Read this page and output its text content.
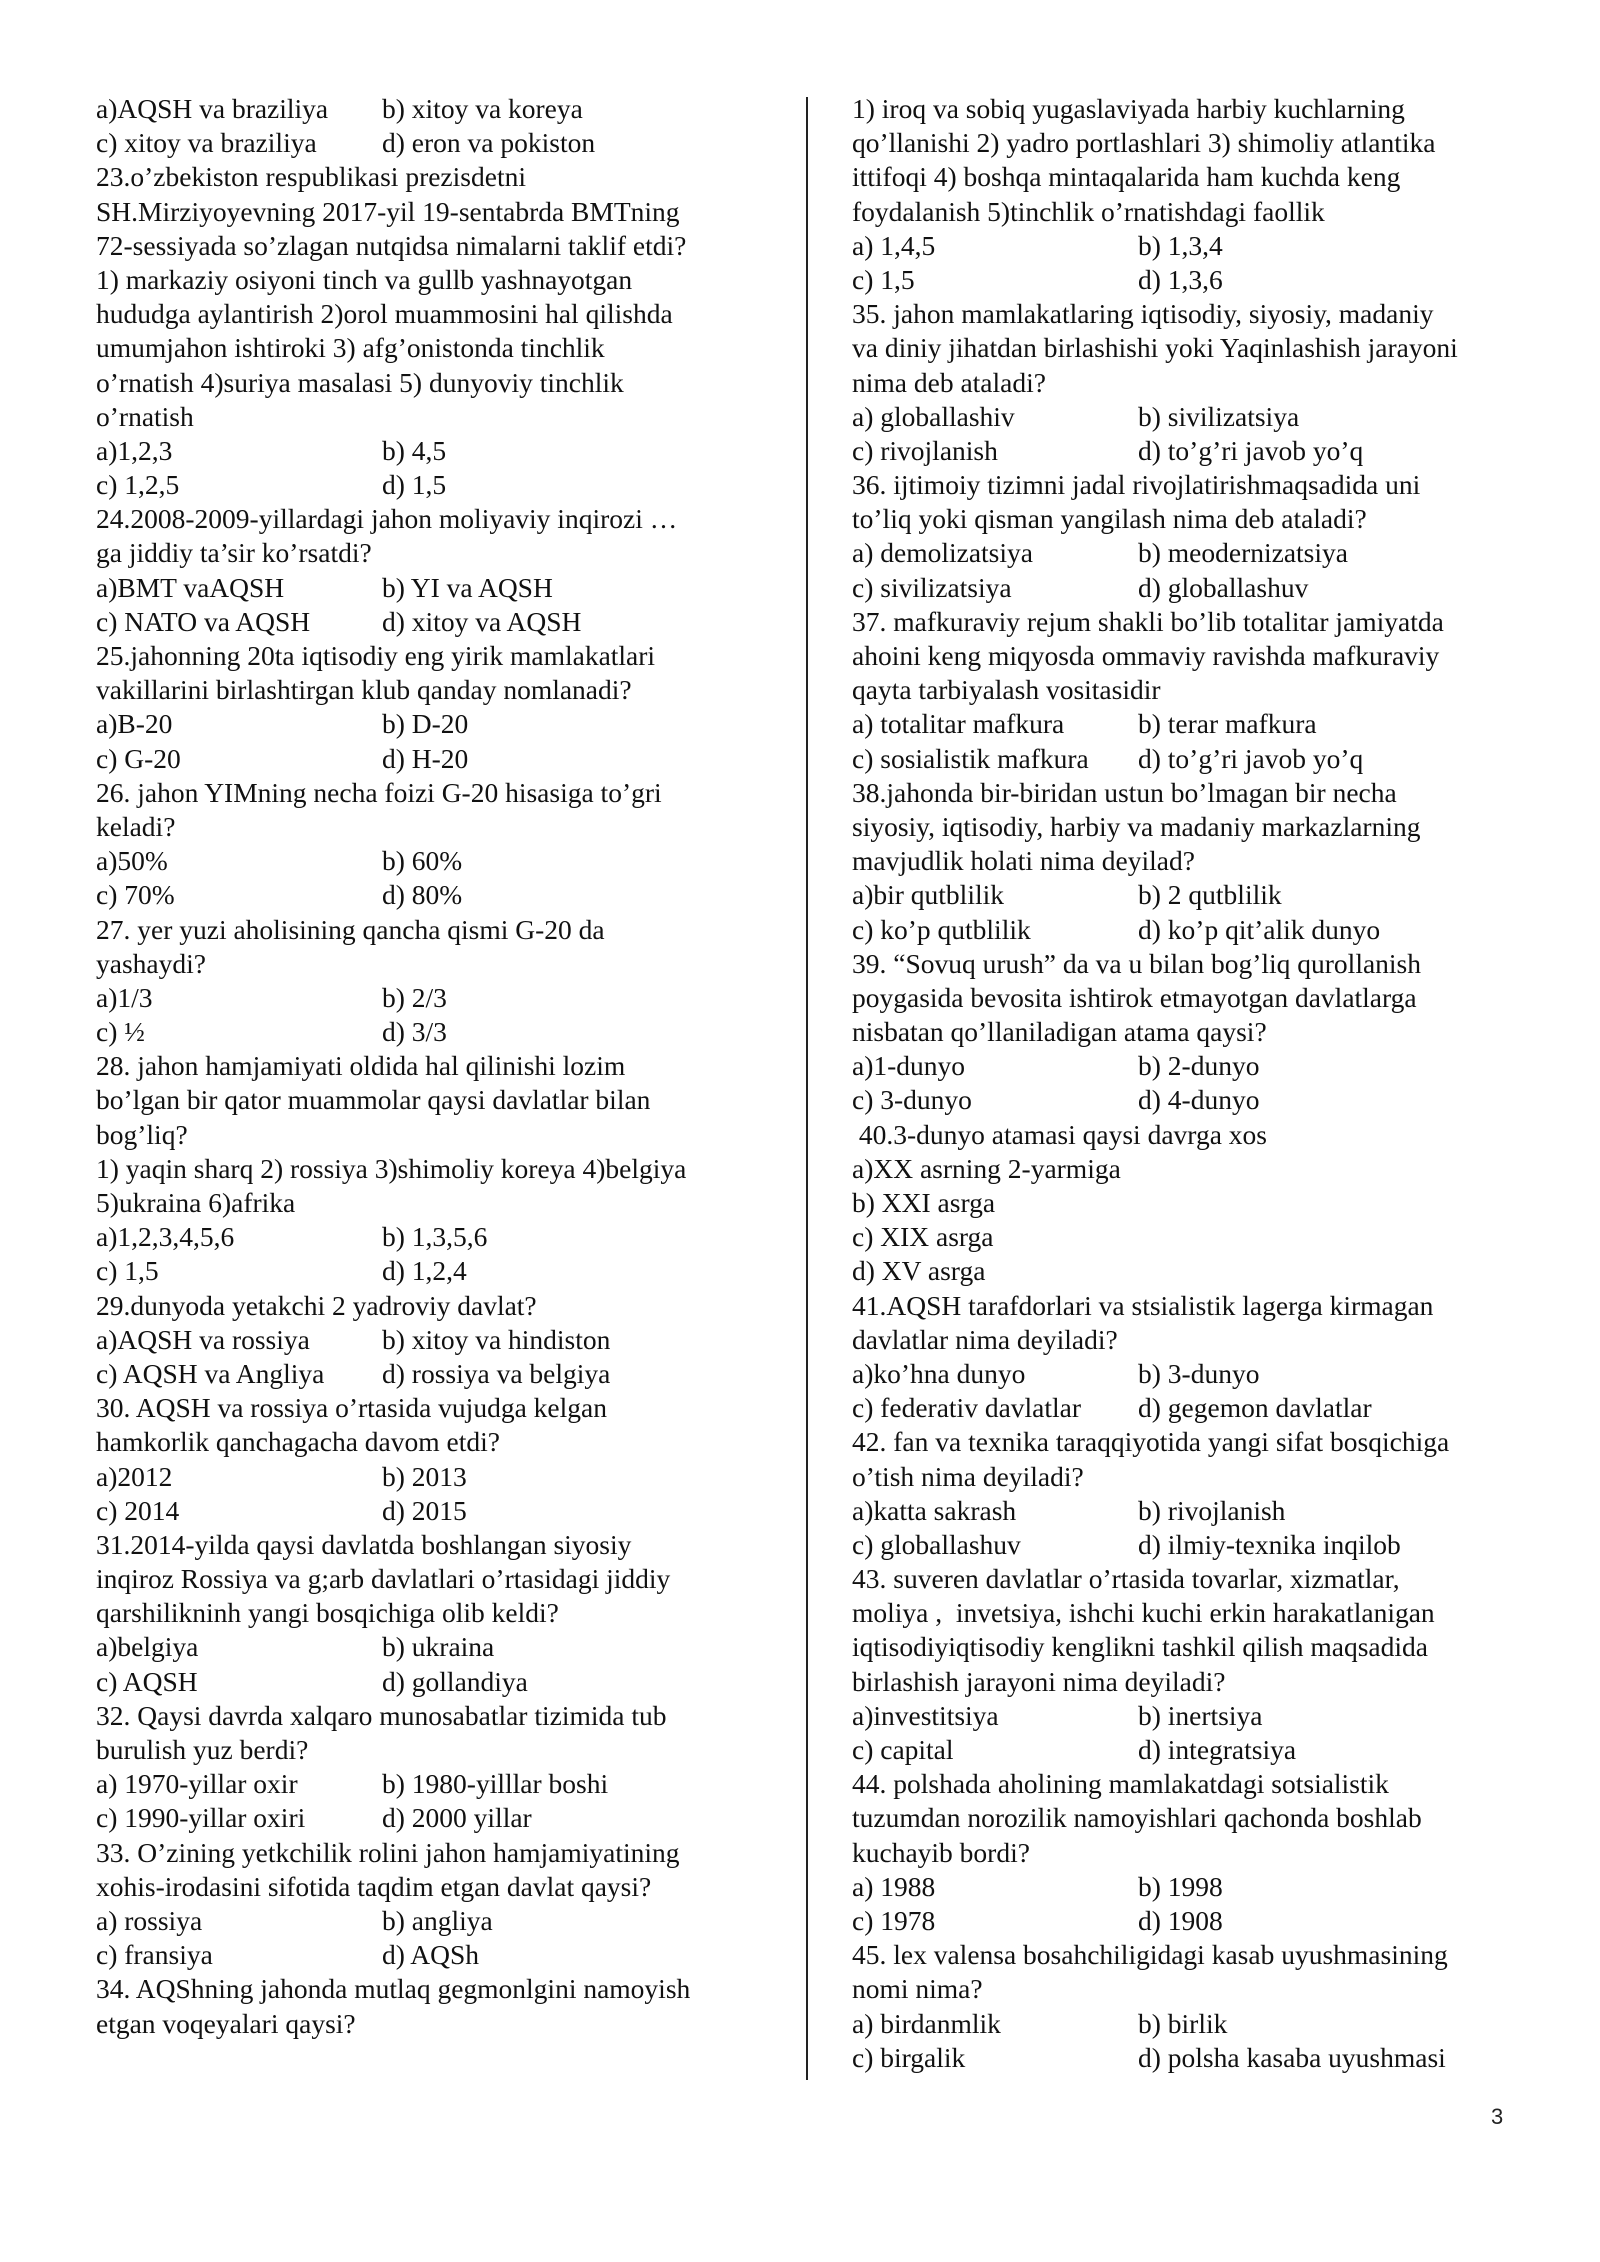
a)AQSH va braziliya	b) xitoy va koreya
c) xitoy va braziliya	d) eron va pokiston
23.o’zbekiston respublikasi prezisdetni
SH.Mirziyoyevning 2017-yil 19-sentabrda BMTning
72-sessiyada so’zlagan nutqidsa nimalarni taklif etdi?
1) markaziy osiyoni tinch va gullb yashnayotgan
hududga aylantirish 2)orol muammosini hal qilishda
umumjahon ishtiroki 3) afg’onistonda tinchlik
o’rnatish 4)suriya masalasi 5) dunyoviy tinchlik
o’rnatish
a)1,2,3	b) 4,5
c) 1,2,5	d) 1,5
24.2008-2009-yillardagi jahon moliyaviy inqirozi …
ga jiddiy ta’sir ko’rsatdi?
a)BMT vaAQSH	b) YI va AQSH
c) NATO va AQSH	d) xitoy va AQSH
25.jahonning 20ta iqtisodiy eng yirik mamlakatlari
vakillarini birlashtirgan klub qanday nomlanadi?
a)B-20	b) D-20
c) G-20	d) H-20
26. jahon YIMning necha foizi G-20 hisasiga to’gri
keladi?
a)50%	b) 60%
c) 70%	d) 80%
27. yer yuzi aholisining qancha qismi G-20 da
yashaydi?
a)1/3	b) 2/3
c) ½	d) 3/3
28. jahon hamjamiyati oldida hal qilinishi lozim
bo’lgan bir qator muammolar qaysi davlatlar bilan
bog’liq?
1) yaqin sharq 2) rossiya 3)shimoliy koreya 4)belgiya
5)ukraina 6)afrika
a)1,2,3,4,5,6	b) 1,3,5,6
c) 1,5	d) 1,2,4
29.dunyoda yetakchi 2 yadroviy davlat?
a)AQSH va rossiya	b) xitoy va hindiston
c) AQSH va Angliya	d) rossiya va belgiya
30. AQSH va rossiya o’rtasida vujudga kelgan
hamkorlik qanchagacha davom etdi?
a)2012	b) 2013
c) 2014	d) 2015
31.2014-yilda qaysi davlatda boshlangan siyosiy
inqiroz Rossiya va g;arb davlatlari o’rtasidagi jiddiy
qarshilikninh yangi bosqichiga olib keldi?
a)belgiya	b) ukraina
c) AQSH	d) gollandiya
32. Qaysi davrda xalqaro munosabatlar tizimida tub
burulish yuz berdi?
a) 1970-yillar oxir	b) 1980-yilllar boshi
c) 1990-yillar oxiri	d) 2000 yillar
33. O’zining yetkchilik rolini jahon hamjamiyatining
xohis-irodasini sifotida taqdim etgan davlat qaysi?
a) rossiya	b) angliya
c) fransiya	d) AQSh
34. AQShning jahonda mutlaq gegmonlgini namoyish
etgan voqeyalari qaysi?
1) iroq va sobiq yugaslaviyada harbiy kuchlarning
qo’llanishi 2) yadro portlashlari 3) shimoliy atlantika
ittifoqi 4) boshqa mintaqalarida ham kuchda keng
foydalanish 5)tinchlik o’rnatishdagi faollik
a) 1,4,5	b) 1,3,4
c) 1,5	d) 1,3,6
35. jahon mamlakatlaring iqtisodiy, siyosiy, madaniy
va diniy jihatdan birlashishi yoki Yaqinlashish jarayoni
nima deb ataladi?
a) globallashiv	b) sivilizatsiya
c) rivojlanish	d) to’g’ri javob yo’q
36. ijtimoiy tizimni jadal rivojlatirishmaqsadida uni
to’liq yoki qisman yangilash nima deb ataladi?
a) demolizatsiya	b) meodernizatsiya
c) sivilizatsiya	d) globallashuv
37. mafkuraviy rejum shakli bo’lib totalitar jamiyatda
ahoini keng miqyosda ommaviy ravishda mafkuraviy
qayta tarbiyalash vositasidir
a) totalitar mafkura	b) terar mafkura
c) sosialistik mafkura	d) to’g’ri javob yo’q
38.jahonda bir-biridan ustun bo’lmagan bir necha
siyosiy, iqtisodiy, harbiy va madaniy markazlarning
mavjudlik holati nima deyilad?
a)bir qutblilik	b) 2 qutblilik
c) ko’p qutblilik	d) ko’p qit’alik dunyo
39. “Sovuq urush” da va u bilan bog’liq qurollanish
poygasida bevosita ishtirok etmayotgan davlatlarga
nisbatan qo’llaniladigan atama qaysi?
a)1-dunyo	b) 2-dunyo
c) 3-dunyo	d) 4-dunyo
40.3-dunyo atamasi qaysi davrga xos
a)XX asrning 2-yarmiga
b) XXI asrga
c) XIX asrga
d) XV asrga
41.AQSH tarafdorlari va stsialistik lagerga kirmagan
davlatlar nima deyiladi?
a)ko’hna dunyo	b) 3-dunyo
c) federativ davlatlar	d) gegemon davlatlar
42. fan va texnika taraqqiyotida yangi sifat bosqichiga
o’tish nima deyiladi?
a)katta sakrash	b) rivojlanish
c) globallashuv	d) ilmiy-texnika inqilob
43. suveren davlatlar o’rtasida tovarlar, xizmatlar,
moliya ,  invetsiya, ishchi kuchi erkin harakatlanigan
iqtisodiyiqtisodiy kenglikni tashkil qilish maqsadida
birlashish jarayoni nima deyiladi?
a)investitsiya	b) inertsiya
c) capital	d) integratsiya
44. polshada aholining mamlakatdagi sotsialistik
tuzumdan norozilik namoyishlari qachonda boshlab
kuchayib bordi?
a) 1988	b) 1998
c) 1978	d) 1908
45. lex valensa bosahchiligidagi kasab uyushmasining
nomi nima?
a) birdanmlik	b) birlik
c) birgalik	d) polsha kasaba uyushmasi
3
